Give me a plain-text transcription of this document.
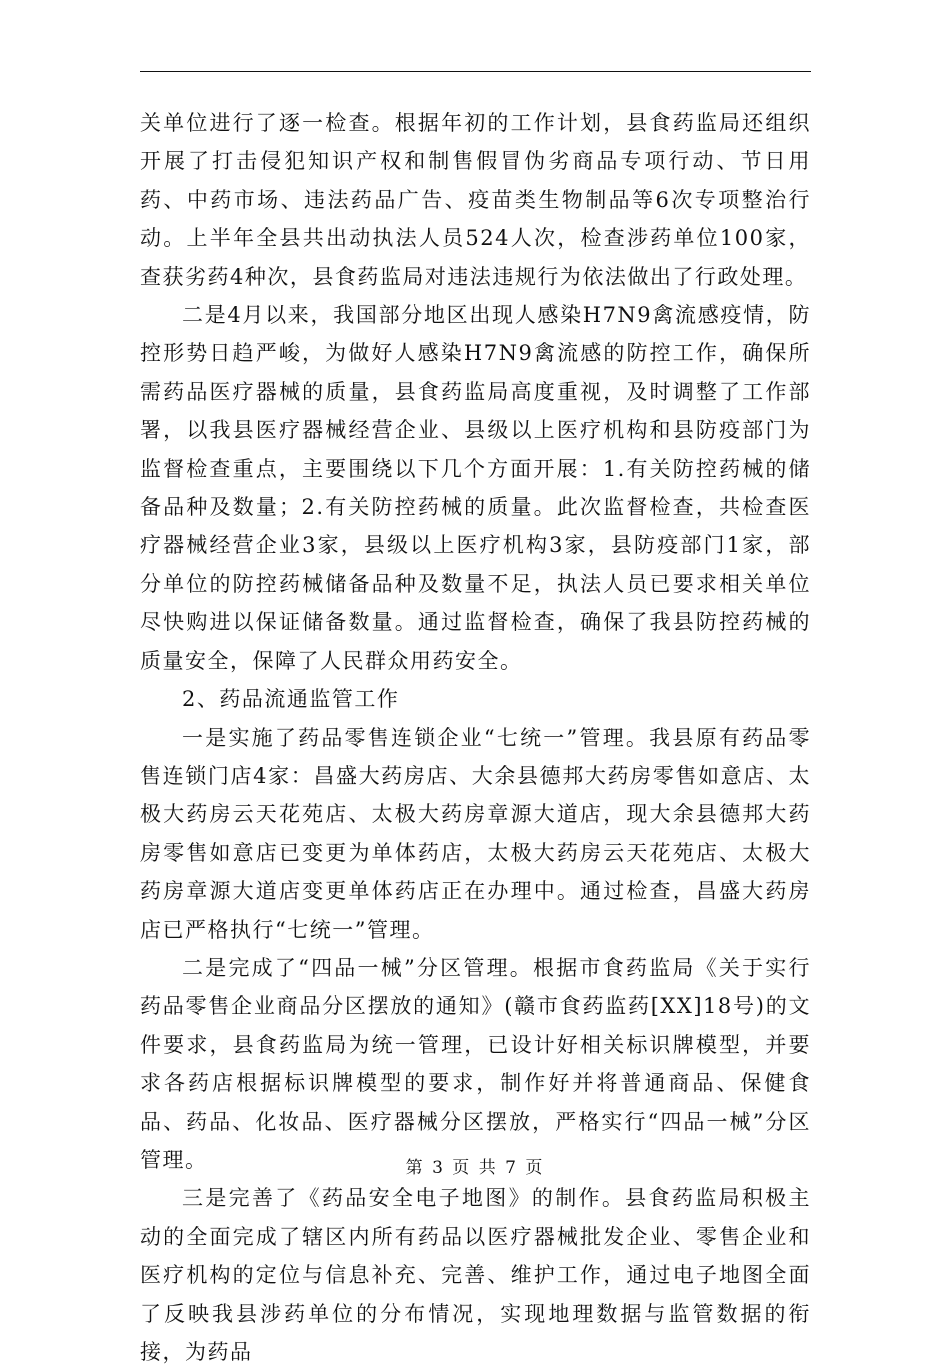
关单位进行了逐一检查。根据年初的工作计划，县食药监局还组织开展了打击侵犯知识产权和制售假冒伪劣商品专项行动、节日用药、中药市场、违法药品广告、疫苗类生物制品等6次专项整治行动。上半年全县共出动执法人员524人次，检查涉药单位100家，查获劣药4种次，县食药监局对违法违规行为依法做出了行政处理。

二是4月以来，我国部分地区出现人感染H7N9禽流感疫情，防控形势日趋严峻，为做好人感染H7N9禽流感的防控工作，确保所需药品医疗器械的质量，县食药监局高度重视，及时调整了工作部署，以我县医疗器械经营企业、县级以上医疗机构和县防疫部门为监督检查重点，主要围绕以下几个方面开展：1.有关防控药械的储备品种及数量；2.有关防控药械的质量。此次监督检查，共检查医疗器械经营企业3家，县级以上医疗机构3家，县防疫部门1家，部分单位的防控药械储备品种及数量不足，执法人员已要求相关单位尽快购进以保证储备数量。通过监督检查，确保了我县防控药械的质量安全，保障了人民群众用药安全。

2、药品流通监管工作

一是实施了药品零售连锁企业“七统一”管理。我县原有药品零售连锁门店4家：昌盛大药房店、大余县德邦大药房零售如意店、太极大药房云天花苑店、太极大药房章源大道店，现大余县德邦大药房零售如意店已变更为单体药店，太极大药房云天花苑店、太极大药房章源大道店变更单体药店正在办理中。通过检查，昌盛大药房店已严格执行“七统一”管理。

二是完成了“四品一械”分区管理。根据市食药监局《关于实行药品零售企业商品分区摆放的通知》(赣市食药监药[XX]18号)的文件要求，县食药监局为统一管理，已设计好相关标识牌模型，并要求各药店根据标识牌模型的要求，制作好并将普通商品、保健食品、药品、化妆品、医疗器械分区摆放，严格实行“四品一械”分区管理。

三是完善了《药品安全电子地图》的制作。县食药监局积极主动的全面完成了辖区内所有药品以医疗器械批发企业、零售企业和医疗机构的定位与信息补充、完善、维护工作，通过电子地图全面了反映我县涉药单位的分布情况，实现地理数据与监管数据的衔接，为药品

第 3 页 共 7 页
